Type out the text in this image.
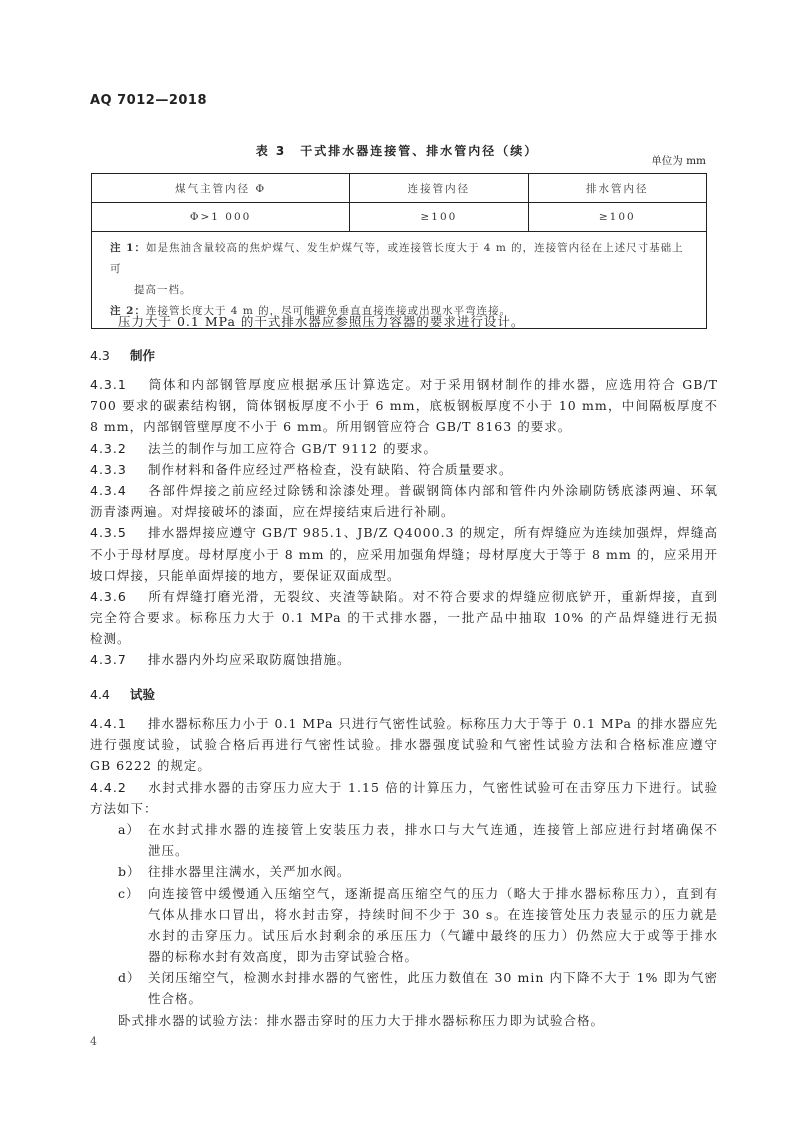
AQ 7012—2018
表 3　干式排水器连接管、排水管内径（续）
单位为 mm
煤气主管内径 Φ	连接管内径	排水管内径
Φ>1 000	≥100	≥100

注 1：如是焦油含量较高的焦炉煤气、发生炉煤气等，或连接管长度大于 4 m 的，连接管内径在上述尺寸基础上可
提高一档。
注 2：连接管长度大于 4 m 的，尽可能避免垂直直接连接或出现水平弯连接。		
压力大于 0.1 MPa 的干式排水器应参照压力容器的要求进行设计。
4.3 制作
4.3.1 筒体和内部钢管厚度应根据承压计算选定。对于采用钢材制作的排水器，应选用符合 GB/T
700 要求的碳素结构钢，筒体钢板厚度不小于 6 mm，底板钢板厚度不小于 10 mm，中间隔板厚度不
8 mm，内部钢管壁厚度不小于 6 mm。所用钢管应符合 GB/T 8163 的要求。
4.3.2 法兰的制作与加工应符合 GB/T 9112 的要求。
4.3.3 制作材料和备件应经过严格检查，没有缺陷、符合质量要求。
4.3.4 各部件焊接之前应经过除锈和涂漆处理。普碳钢筒体内部和管件内外涂刷防锈底漆两遍、环氧
沥青漆两遍。对焊接破坏的漆面，应在焊接结束后进行补刷。
4.3.5 排水器焊接应遵守 GB/T 985.1、JB/Z Q4000.3 的规定，所有焊缝应为连续加强焊，焊缝高
不小于母材厚度。母材厚度小于 8 mm 的，应采用加强角焊缝；母材厚度大于等于 8 mm 的，应采用开
坡口焊接，只能单面焊接的地方，要保证双面成型。
4.3.6 所有焊缝打磨光滑，无裂纹、夹渣等缺陷。对不符合要求的焊缝应彻底铲开，重新焊接，直到
完全符合要求。标称压力大于 0.1 MPa 的干式排水器，一批产品中抽取 10% 的产品焊缝进行无损
检测。
4.3.7 排水器内外均应采取防腐蚀措施。
4.4 试验
4.4.1 排水器标称压力小于 0.1 MPa 只进行气密性试验。标称压力大于等于 0.1 MPa 的排水器应先
进行强度试验，试验合格后再进行气密性试验。排水器强度试验和气密性试验方法和合格标准应遵守
GB 6222 的规定。
4.4.2 水封式排水器的击穿压力应大于 1.15 倍的计算压力，气密性试验可在击穿压力下进行。试验
方法如下：
a） 在水封式排水器的连接管上安装压力表，排水口与大气连通，连接管上部应进行封堵确保不
泄压。
b） 往排水器里注满水，关严加水阀。
c） 向连接管中缓慢通入压缩空气，逐渐提高压缩空气的压力（略大于排水器标称压力），直到有
气体从排水口冒出，将水封击穿，持续时间不少于 30 s。在连接管处压力表显示的压力就是
水封的击穿压力。试压后水封剩余的承压压力（气罐中最终的压力）仍然应大于或等于排水
器的标称水封有效高度，即为击穿试验合格。
d） 关闭压缩空气，检测水封排水器的气密性，此压力数值在 30 min 内下降不大于 1% 即为气密
性合格。
卧式排水器的试验方法：排水器击穿时的压力大于排水器标称压力即为试验合格。
4
